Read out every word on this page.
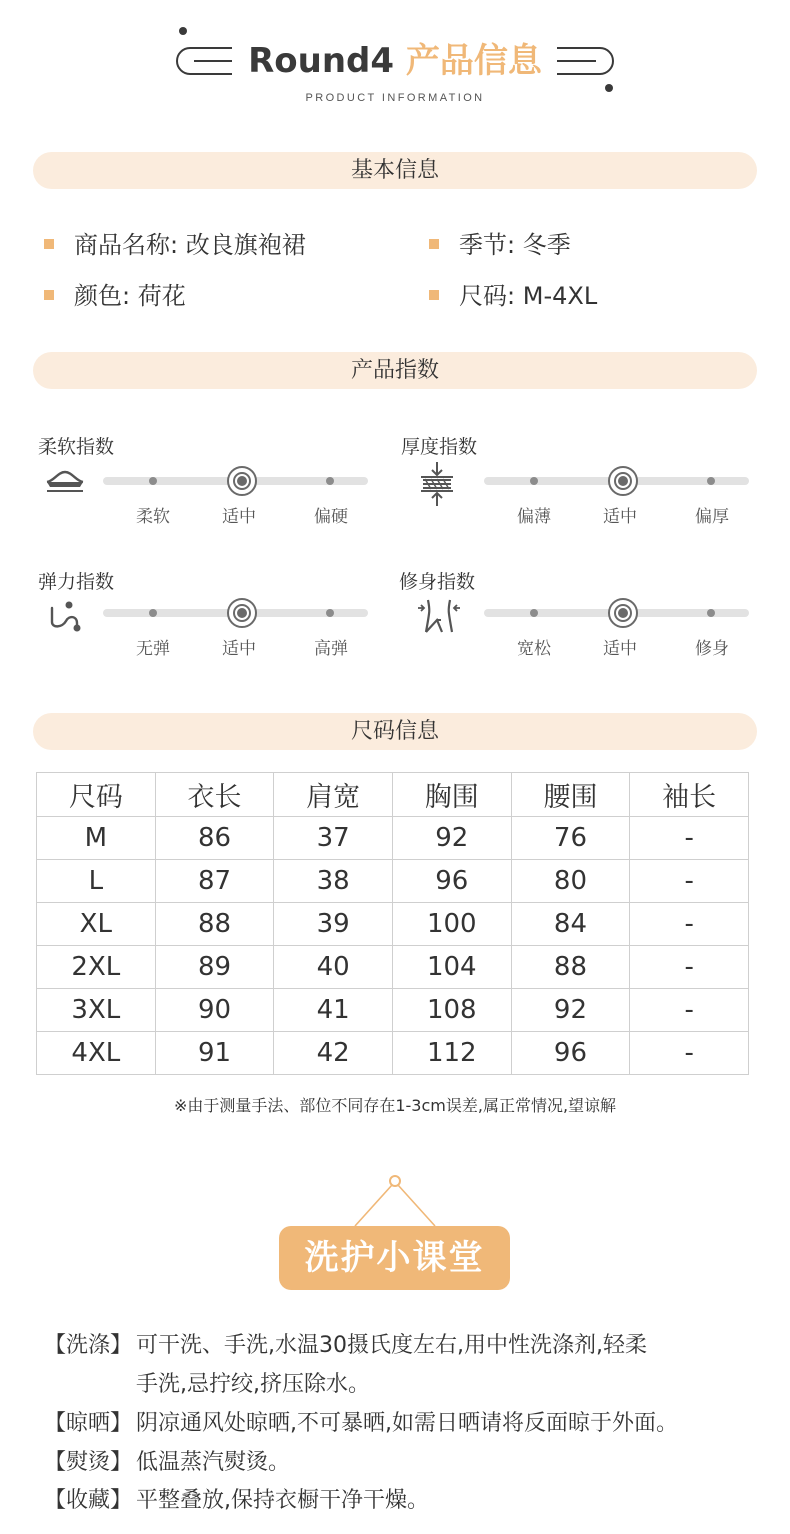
Round4 产品信息
PRODUCT INFORMATION
基本信息
商品名称: 改良旗袍裙	季节: 冬季
颜色: 荷花	尺码: M-4XL
产品指数
柔软指数
柔软	适中	偏硬
厚度指数
偏薄	适中	偏厚
弹力指数
无弹	适中	高弹
修身指数
宽松	适中	修身
尺码信息
尺码	衣长	肩宽	胸围	腰围	袖长
M	86	37	92	76	-
L	87	38	96	80	-
XL	88	39	100	84	-
2XL	89	40	104	88	-
3XL	90	41	108	92	-
4XL	91	42	112	96	-
※由于测量手法、部位不同存在1-3cm误差,属正常情况,望谅解
洗护小课堂
【洗涤】 可干洗、手洗,水温30摄氏度左右,用中性洗涤剂,轻柔
手洗,忌拧绞,挤压除水。
【晾晒】 阴凉通风处晾晒,不可暴晒,如需日晒请将反面晾于外面。
【熨烫】 低温蒸汽熨烫。
【收藏】 平整叠放,保持衣橱干净干燥。
